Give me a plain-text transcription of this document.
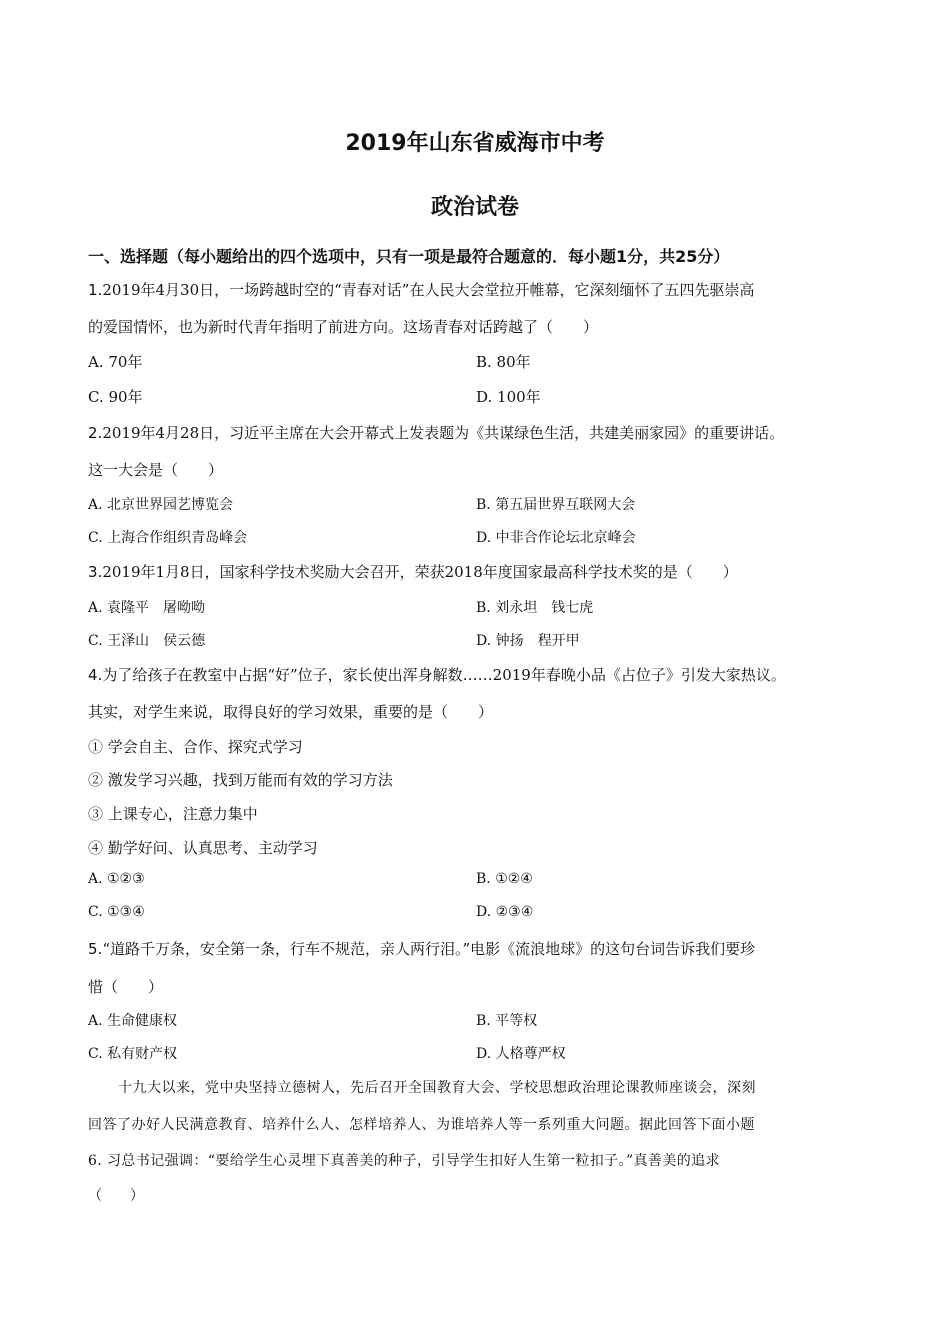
2019年山东省威海市中考
政治试卷
一、选择题（每小题给出的四个选项中，只有一项是最符合题意的．每小题1分，共25分）
1.2019年4月30日，一场跨越时空的“青春对话”在人民大会堂拉开帷幕，它深刻缅怀了五四先驱崇高
的爱国情怀，也为新时代青年指明了前进方向。这场青春对话跨越了（　　）
A. 70年	B. 80年
C. 90年	D. 100年
2.2019年4月28日，习近平主席在大会开幕式上发表题为《共谋绿色生活，共建美丽家园》的重要讲话。
这一大会是（　　）
A. 北京世界园艺博览会	B. 第五届世界互联网大会
C. 上海合作组织青岛峰会	D. 中非合作论坛北京峰会
3.2019年1月8日，国家科学技术奖励大会召开，荣获2018年度国家最高科学技术奖的是（　　）
A. 袁隆平　屠呦呦	B. 刘永坦　钱七虎
C. 王泽山　侯云德	D. 钟扬　程开甲
4.为了给孩子在教室中占据“好”位子，家长使出浑身解数……2019年春晚小品《占位子》引发大家热议。
其实，对学生来说，取得良好的学习效果，重要的是（　　）
① 学会自主、合作、探究式学习
② 激发学习兴趣，找到万能而有效的学习方法
③ 上课专心，注意力集中
④ 勤学好问、认真思考、主动学习
A. ①②③	B. ①②④
C. ①③④	D. ②③④
5.“道路千万条，安全第一条，行车不规范，亲人两行泪。”电影《流浪地球》的这句台词告诉我们要珍
惜（　　）
A. 生命健康权	B. 平等权
C. 私有财产权	D. 人格尊严权
十九大以来，党中央坚持立德树人，先后召开全国教育大会、学校思想政治理论课教师座谈会，深刻
回答了办好人民满意教育、培养什么人、怎样培养人、为谁培养人等一系列重大问题。据此回答下面小题
6. 习总书记强调：“要给学生心灵埋下真善美的种子，引导学生扣好人生第一粒扣子。”真善美的追求
（　　）
